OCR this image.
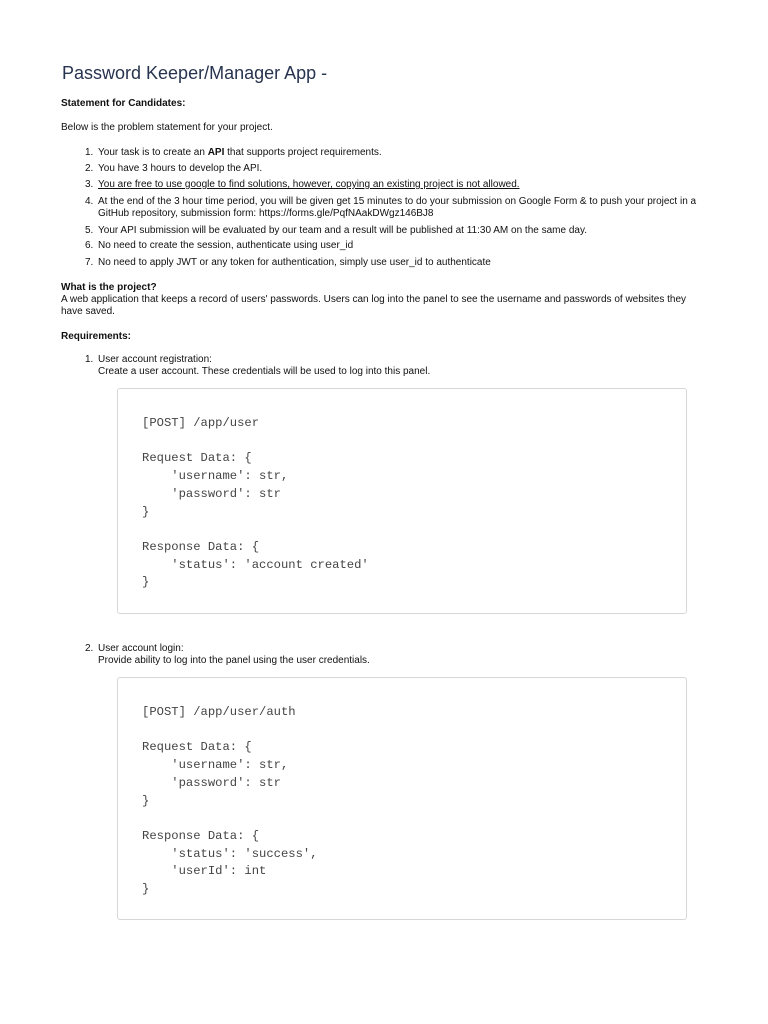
Password Keeper/Manager App -
Statement for Candidates:
Below is the problem statement for your project.
1. Your task is to create an API that supports project requirements.
2. You have 3 hours to develop the API.
3. You are free to use google to find solutions, however, copying an existing project is not allowed.
4. At the end of the 3 hour time period, you will be given get 15 minutes to do your submission on Google Form & to push your project in a GitHub repository, submission form: https://forms.gle/PqfNAakDWgz146BJ8
5. Your API submission will be evaluated by our team and a result will be published at 11:30 AM on the same day.
6. No need to create the session, authenticate using user_id
7. No need to apply JWT or any token for authentication, simply use user_id to authenticate
What is the project?
A web application that keeps a record of users' passwords. Users can log into the panel to see the username and passwords of websites they have saved.
Requirements:
1. User account registration:
Create a user account. These credentials will be used to log into this panel.
[POST] /app/user

Request Data: {
'username': str,
'password': str
}

Response Data: {
'status': 'account created'
}
2. User account login:
Provide ability to log into the panel using the user credentials.
[POST] /app/user/auth

Request Data: {
'username': str,
'password': str
}

Response Data: {
'status': 'success',
'userId': int
}
